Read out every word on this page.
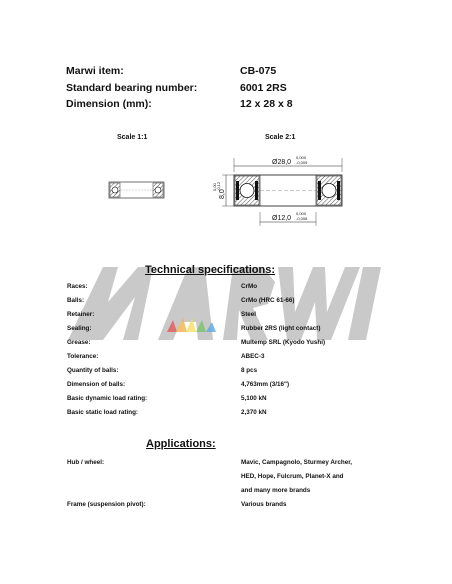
Marwi item:	CB-075
Standard bearing number:	6001 2RS
Dimension (mm):	12 x 28 x 8
Scale 1:1	Scale 2:1
Ø28,0
0,000
-0,009
Ø12,0
0,000
-0,008
8,0
0,00 -0,12
Technical specifications:
Races:	CrMo
Balls:	CrMo (HRC 61-66)
Retainer:	Steel
Sealing:	Rubber 2RS (light contact)
Grease:	Multemp SRL (Kyodo Yushi)
Tolerance:	ABEC-3
Quantity of balls:	8 pcs
Dimension of balls:	4,763mm (3/16")
Basic dynamic load rating:	5,100 kN
Basic static load rating:	2,370 kN
Applications:
Hub / wheel:	Mavic, Campagnolo, Sturmey Archer,
HED, Hope, Fulcrum, Planet-X and
and many more brands
Frame (suspension pivot):	Various brands
